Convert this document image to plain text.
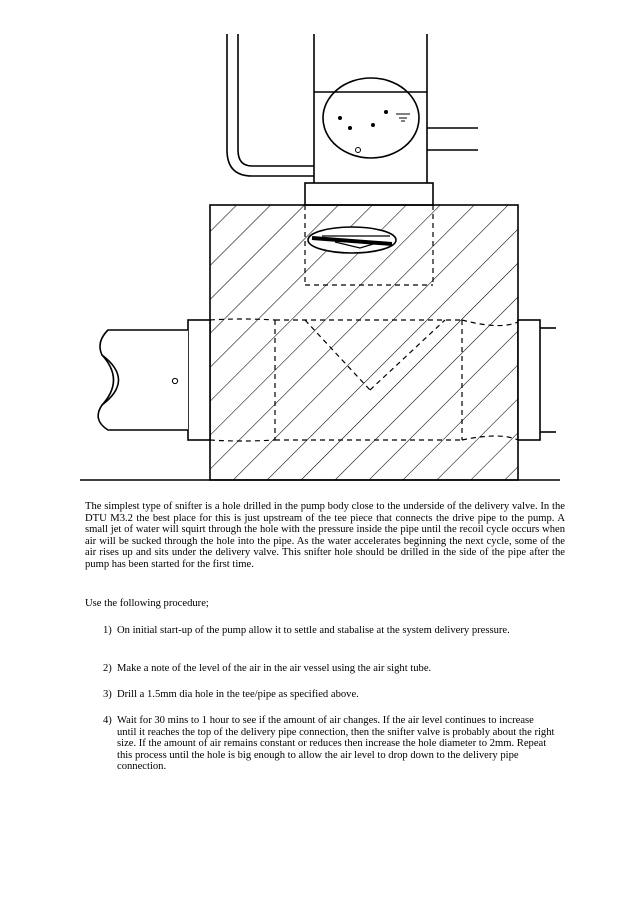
The simplest type of snifter is a hole drilled in the pump body close to the underside of the delivery valve. In the DTU M3.2 the best place for this is just upstream of the tee piece that connects the drive pipe to the pump. A small jet of water will squirt through the hole with the pressure inside the pipe until the recoil cycle occurs when air will be sucked through the hole into the pipe. As the water accelerates beginning the next cycle, some of the air rises up and sits under the delivery valve. This snifter hole should be drilled in the side of the pipe after the pump has been started for the first time.

Use the following procedure;

1) On initial start-up of the pump allow it to settle and stabalise at the system delivery pressure.
2) Make a note of the level of the air in the air vessel using the air sight tube.
3) Drill a 1.5mm dia hole in the tee/pipe as specified above.
4) Wait for 30 mins to 1 hour to see if the amount of air changes. If the air level continues to increase until it reaches the top of the delivery pipe connection, then the snifter valve is probably about the right size. If the amount of air remains constant or reduces then increase the hole diameter to 2mm. Repeat this process until the hole is big enough to allow the air level to drop down to the delivery pipe connection.
